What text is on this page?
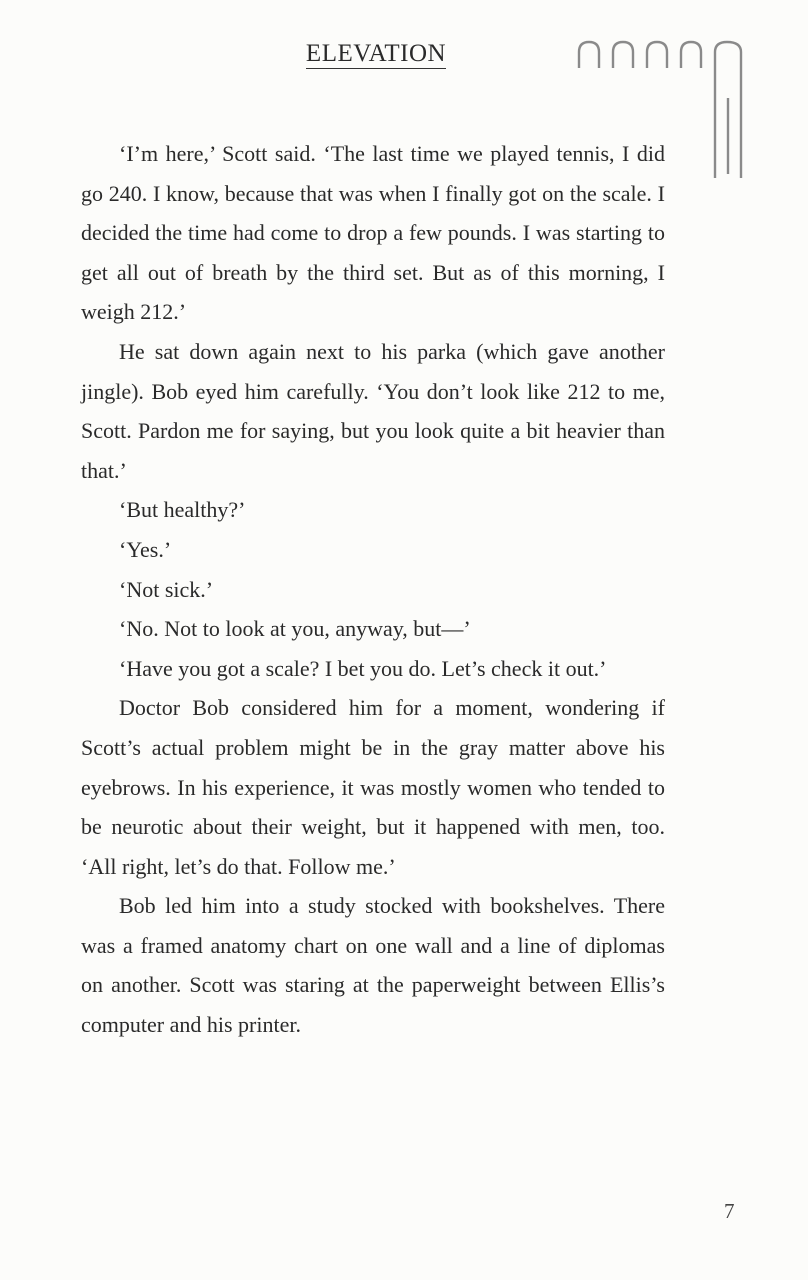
ELEVATION

‘I’m here,’ Scott said. ‘The last time we played tennis, I did go 240. I know, because that was when I finally got on the scale. I decided the time had come to drop a few pounds. I was starting to get all out of breath by the third set. But as of this morning, I weigh 212.’

He sat down again next to his parka (which gave another jingle). Bob eyed him carefully. ‘You don’t look like 212 to me, Scott. Pardon me for saying, but you look quite a bit heavier than that.’

‘But healthy?’

‘Yes.’

‘Not sick.’

‘No. Not to look at you, anyway, but—’

‘Have you got a scale? I bet you do. Let’s check it out.’

Doctor Bob considered him for a moment, wondering if Scott’s actual problem might be in the gray matter above his eyebrows. In his experience, it was mostly women who tended to be neurotic about their weight, but it happened with men, too. ‘All right, let’s do that. Follow me.’

Bob led him into a study stocked with bookshelves. There was a framed anatomy chart on one wall and a line of diplomas on another. Scott was staring at the paperweight between Ellis’s computer and his printer.

7
